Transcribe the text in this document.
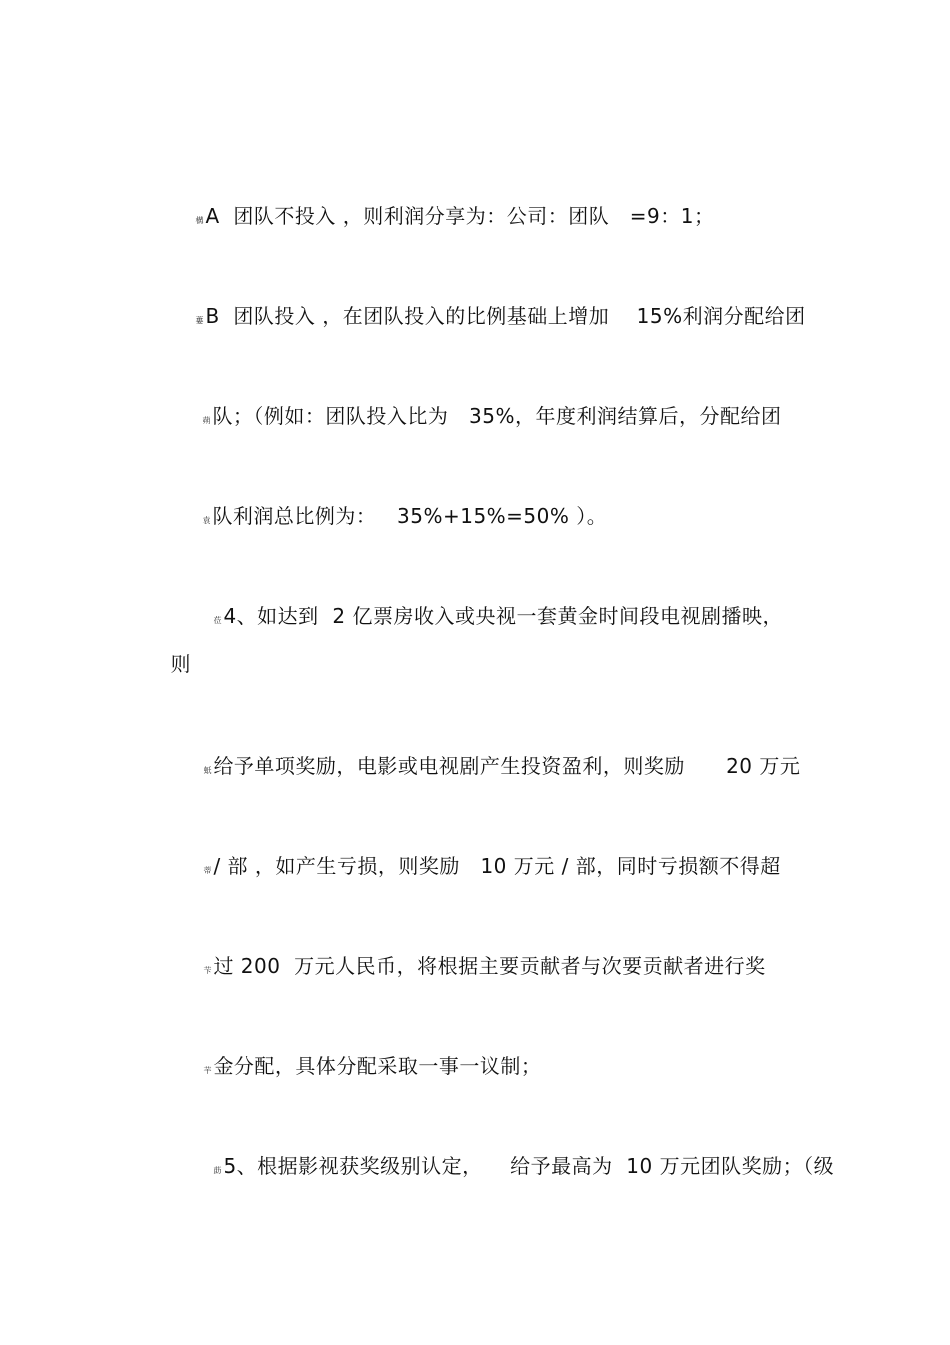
構 A  团队不投入 ，则利润分享为：公司：团队   =9：1；

蔞 B  团队投入 ，在团队投入的比例基础上增加    15%利润分配给团

蒴 队；（例如：团队投入比为   35%，年度利润结算后，分配给团

袁 队利润总比例为：   35%+15%=50% ）。

莅 4、如达到  2 亿票房收入或央视一套黄金时间段电视剧播映，

则

蚔 给予单项奖励，电影或电视剧产生投资盈利，则奖励      20 万元

蒂 / 部 ，如产生亏损，则奖励   10 万元 / 部，同时亏损额不得超

芐 过 200  万元人民币，将根据主要贡献者与次要贡献者进行奖

芉 金分配，具体分配采取一事一议制；

莇 5、根据影视获奖级别认定，    给予最高为  10 万元团队奖励；（级
